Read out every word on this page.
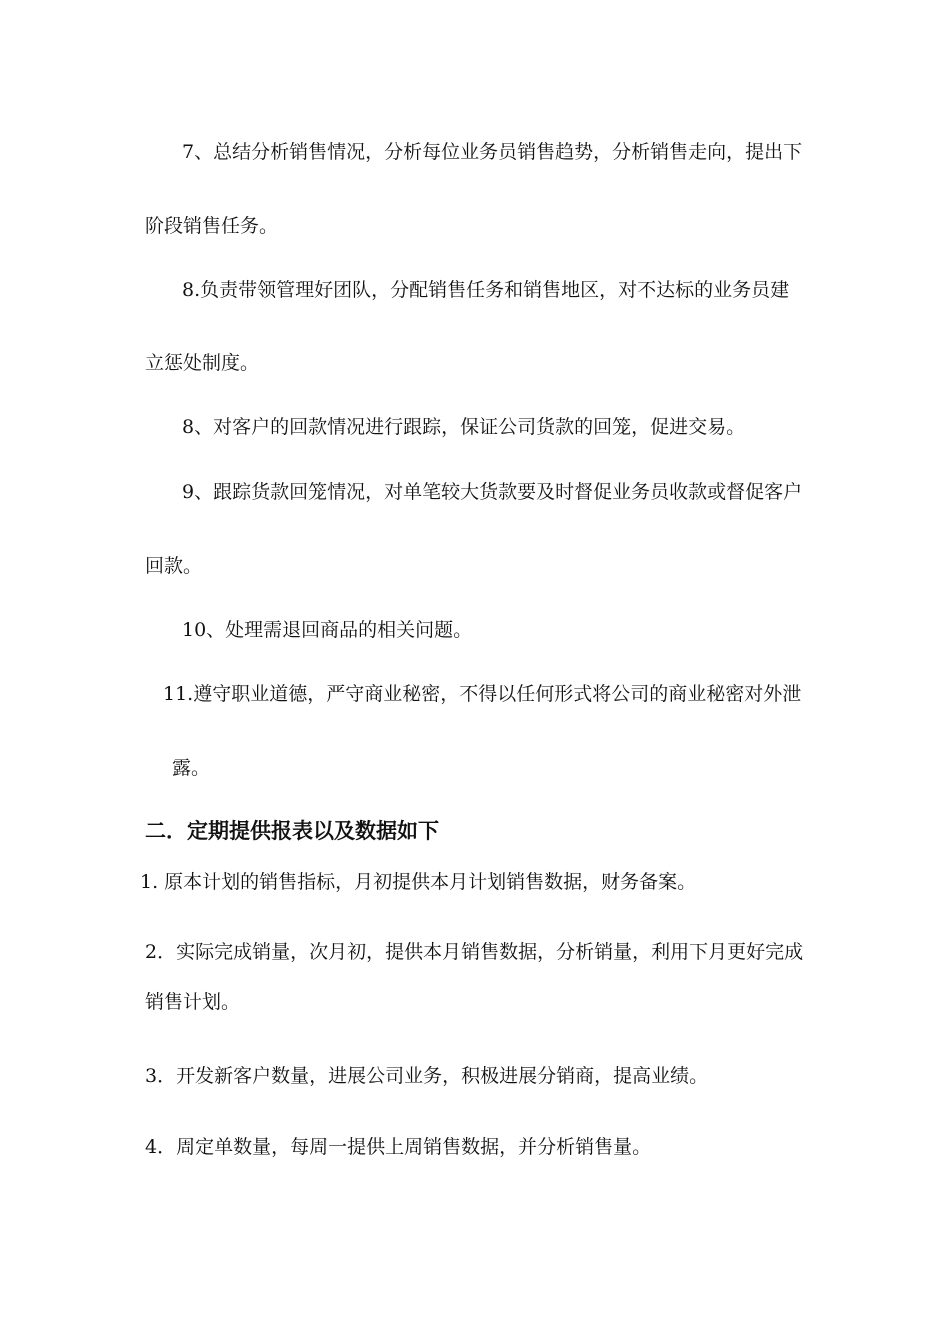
7、总结分析销售情况，分析每位业务员销售趋势，分析销售走向，提出下
阶段销售任务。
8.负责带领管理好团队，分配销售任务和销售地区，对不达标的业务员建
立惩处制度。
8、对客户的回款情况进行跟踪，保证公司货款的回笼，促进交易。
9、跟踪货款回笼情况，对单笔较大货款要及时督促业务员收款或督促客户
回款。
10、处理需退回商品的相关问题。
11.遵守职业道德，严守商业秘密，不得以任何形式将公司的商业秘密对外泄
露。
二．定期提供报表以及数据如下
1. 原本计划的销售指标，月初提供本月计划销售数据，财务备案。
2．实际完成销量，次月初，提供本月销售数据，分析销量，利用下月更好完成
销售计划。
3．开发新客户数量，进展公司业务，积极进展分销商，提高业绩。
4．周定单数量，每周一提供上周销售数据，并分析销售量。
